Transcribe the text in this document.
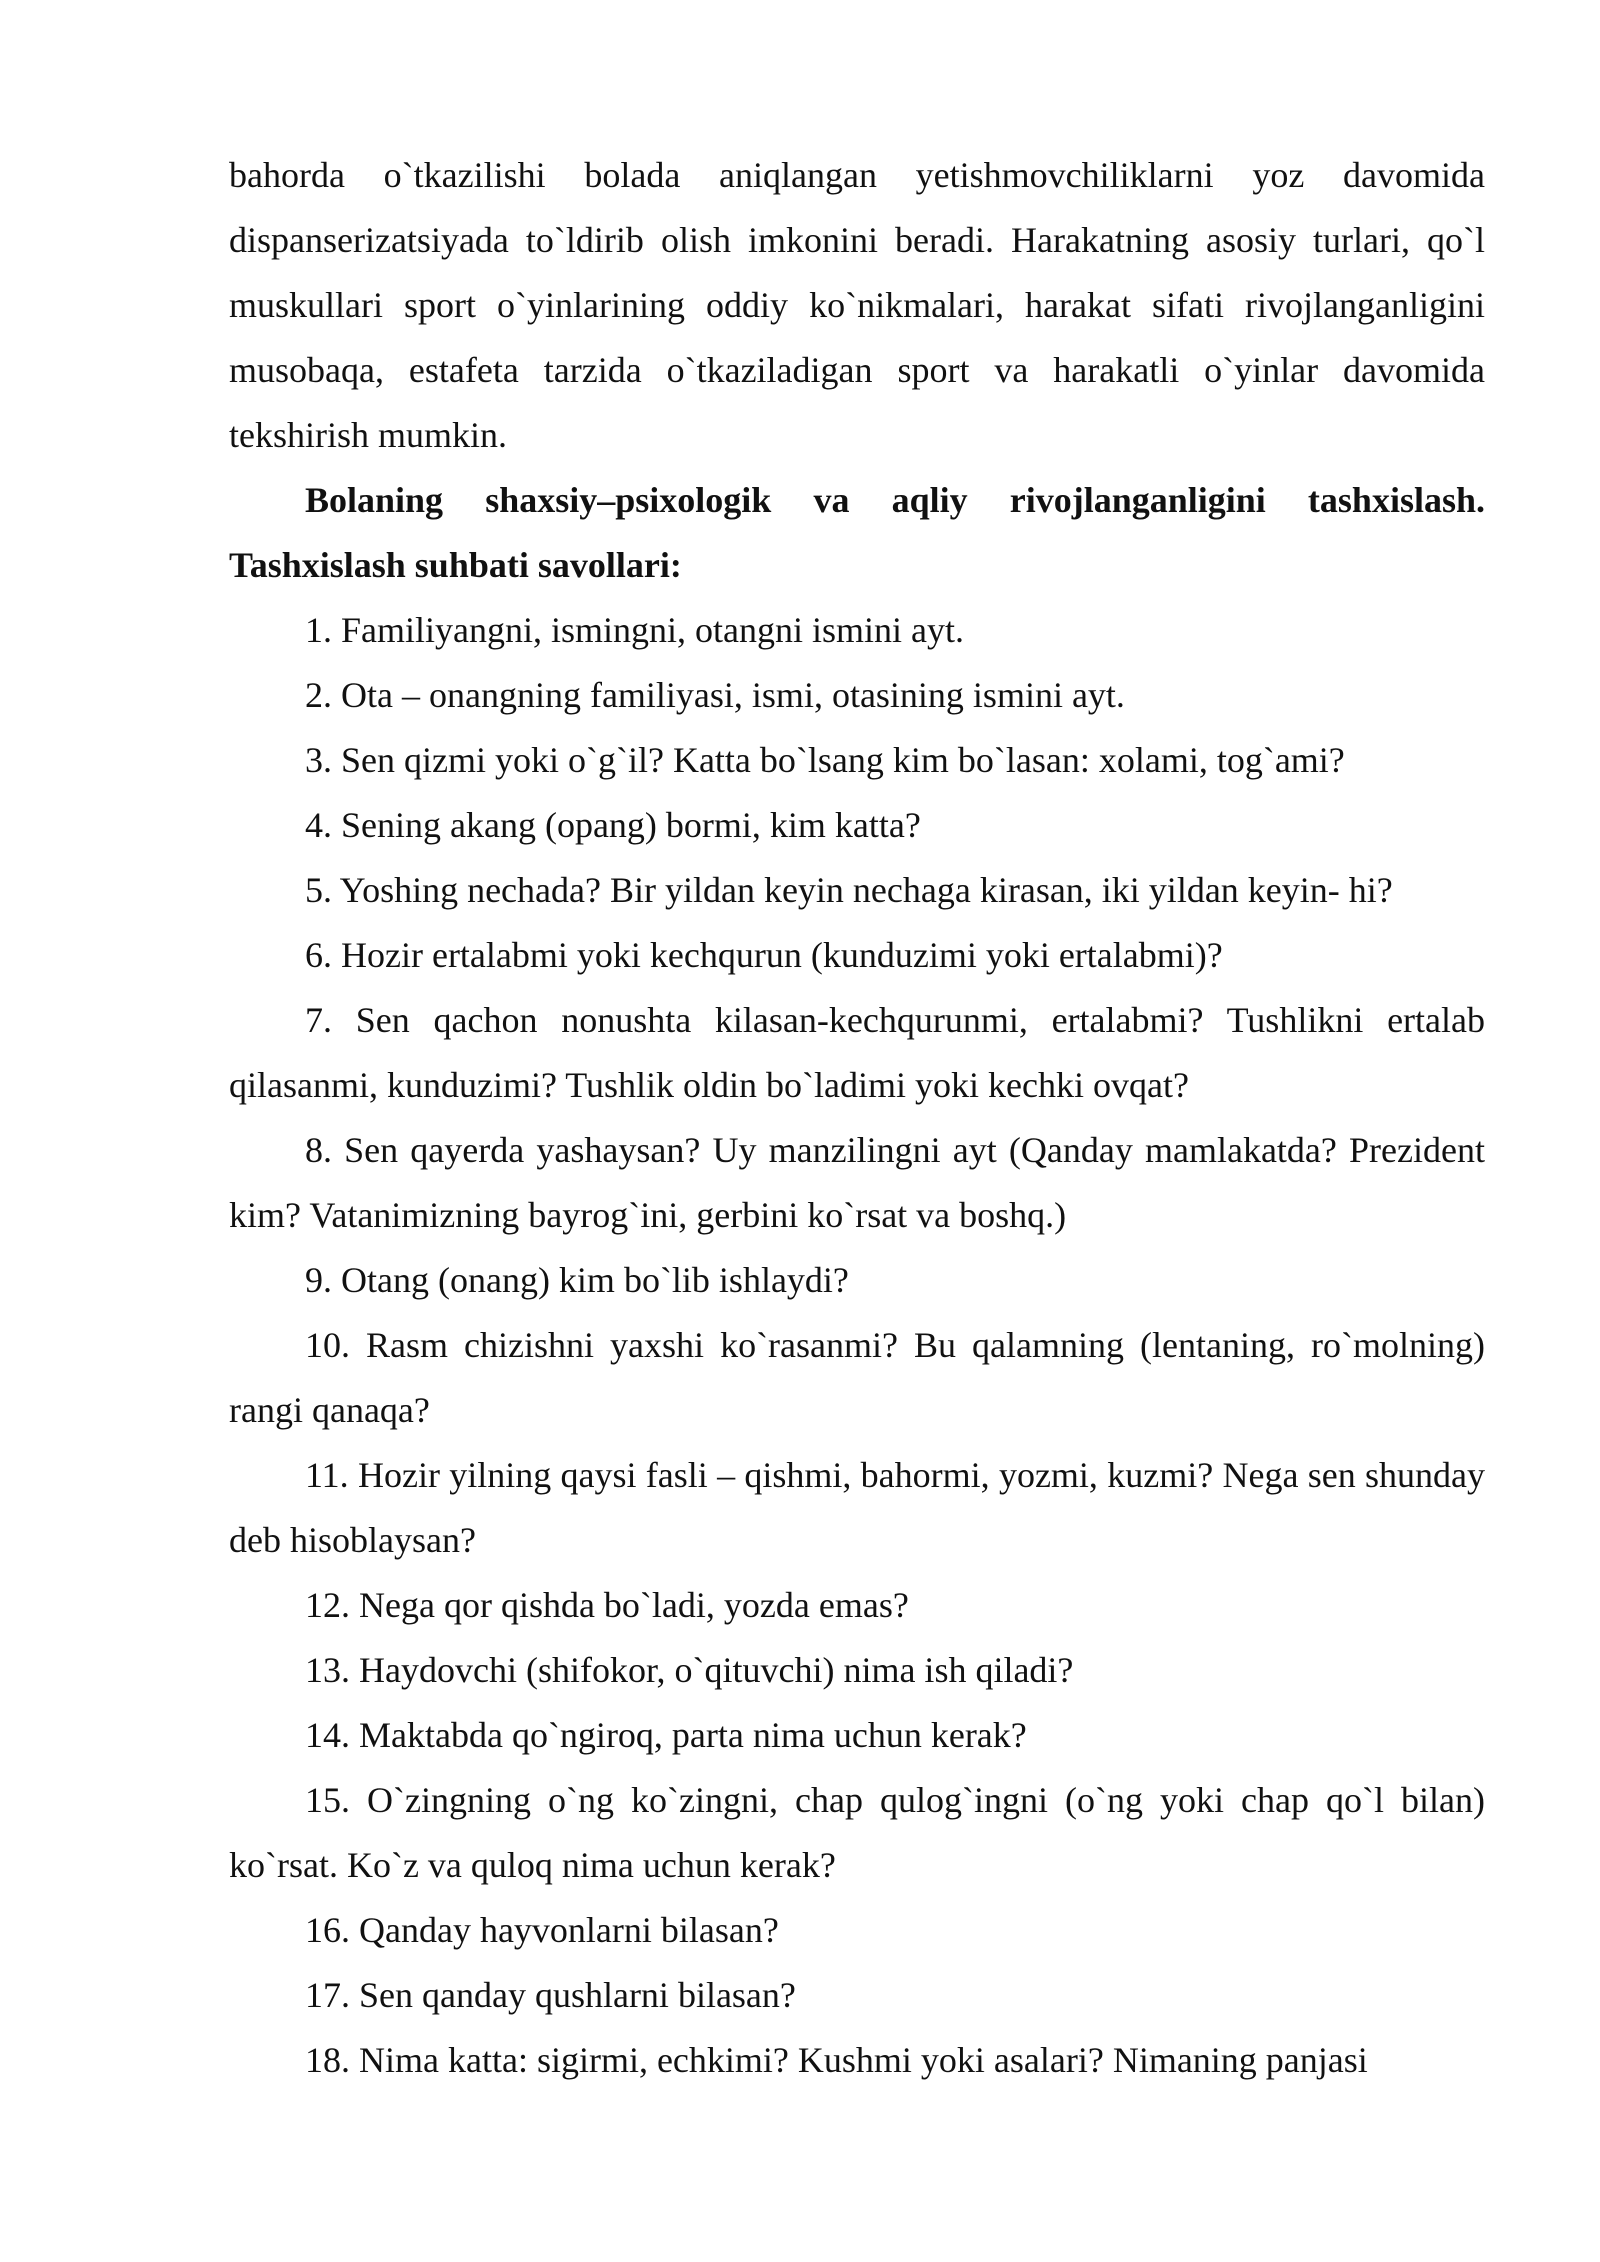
bahorda o`tkazilishi bolada aniqlangan yetishmovchiliklarni yoz davomida dispanserizatsiyada to`ldirib olish imkonini beradi. Harakatning asosiy turlari, qo`l muskullari sport o`yinlarining oddiy ko`nikmalari, harakat sifati rivojlanganligini musobaqa, estafeta tarzida o`tkaziladigan sport va harakatli o`yinlar davomida tekshirish mumkin.

Bolaning shaxsiy–psixologik va aqliy rivojlanganligini tashxislash. Tashxislash suhbati savollari:

1. Familiyangni, ismingni, otangni ismini ayt.

2. Ota – onangning familiyasi, ismi, otasining ismini ayt.

3. Sen qizmi yoki o`g`il? Katta bo`lsang kim bo`lasan: xolami, tog`ami?

4. Sening akang (opang) bormi, kim katta?

5. Yoshing nechada? Bir yildan keyin nechaga kirasan, iki yildan keyin- hi?

6. Hozir ertalabmi yoki kechqurun (kunduzimi yoki ertalabmi)?

7. Sen qachon nonushta kilasan-kechqurunmi, ertalabmi? Tushlikni ertalab qilasanmi, kunduzimi? Tushlik oldin bo`ladimi yoki kechki ovqat?

8. Sen qayerda yashaysan? Uy manzilingni ayt (Qanday mamlakatda? Prezident kim? Vatanimizning bayrog`ini, gerbini ko`rsat va boshq.)

9. Otang (onang) kim bo`lib ishlaydi?

10. Rasm chizishni yaxshi ko`rasanmi? Bu qalamning (lentaning, ro`molning) rangi qanaqa?

11. Hozir yilning qaysi fasli – qishmi, bahormi, yozmi, kuzmi? Nega sen shunday deb hisoblaysan?

12. Nega qor qishda bo`ladi, yozda emas?

13. Haydovchi (shifokor, o`qituvchi) nima ish qiladi?

14. Maktabda qo`ngiroq, parta nima uchun kerak?

15. O`zingning o`ng ko`zingni, chap qulog`ingni (o`ng yoki chap qo`l bilan) ko`rsat. Ko`z va quloq nima uchun kerak?

16. Qanday hayvonlarni bilasan?

17. Sen qanday qushlarni bilasan?

18. Nima katta: sigirmi, echkimi? Kushmi yoki asalari? Nimaning panjasi
